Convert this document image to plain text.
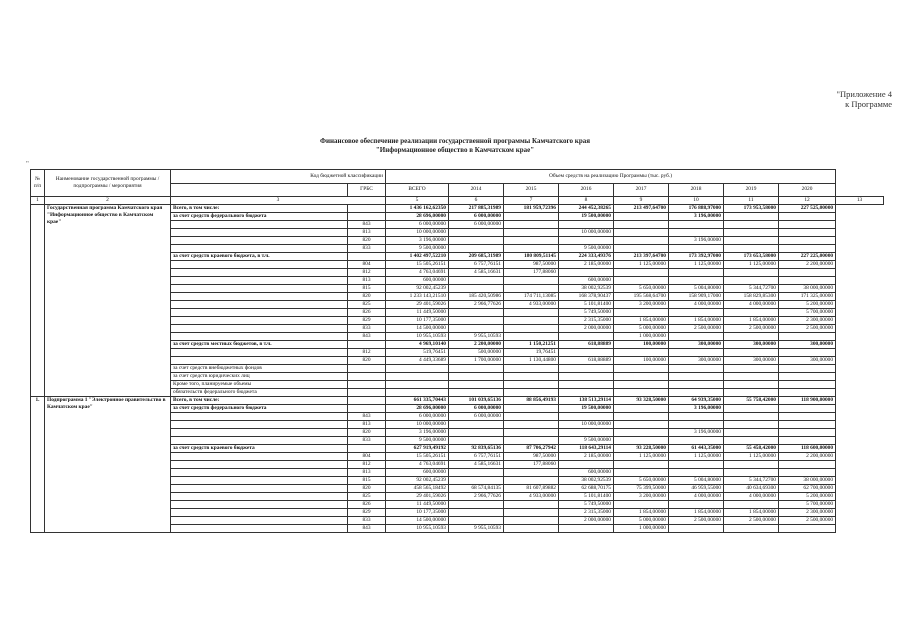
"Приложение 4
к Программе
Финансовое обеспечение реализации государственной программы Камчатского края
"Информационное общество в Камчатском крае"
"
№ п/п	Наименование государственной программы / подпрограммы / мероприятия	Код бюджетной классификации		Объем средств на реализацию Программы (тыс. руб.)								
			ГРБС	ВСЕГО	2014	2015	2016	2017	2018	2019	2020	
1	2	3		5	6	7	8	9	10	11	12	13
	Государственная программа Камчатского края "Информационное общество в Камчатском крае"	Всего, в том числе:		1 436 162,62350	217 885,31989	181 959,72396	244 452,38265	213 497,64700	176 888,97000	173 953,58000	227 525,00000	
		за счет средств федерального бюджета		28 696,00000	6 000,00000		19 500,00000		3 196,00000			
			843	6 000,00000	6 000,00000							
			813	10 000,00000			10 000,00000					
			820	3 196,00000					3 196,00000			
			833	9 500,00000			9 500,00000					
		за счет средств краевого бюджета, в т.ч.		1 402 497,52210	209 685,31989	180 809,51145	224 333,49376	213 397,64700	173 392,97000	173 653,58000	227 225,00000	
			804	15 505,26151	6 757,76151	987,50000	2 185,00000	1 125,00000	1 125,00000	1 125,00000	2 200,00000	
			812	4 763,04691	4 585,16631	177,88060						
			813	600,00000			600,00000					
			815	92 002,45239			38 002,92539	5 650,00000	5 004,80000	5 344,72700	38 000,00000	
			820	1 233 143,21510	185 420,50986	174 711,13085	168 378,90437	195 568,64700	158 909,17000	158 829,85300	171 325,00000	
			825	29 401,59026	2 966,77626	4 933,00000	5 101,81400	3 200,00000	4 000,00000	4 000,00000	5 200,00000	
			826	11 449,50000			5 749,50000				5 700,00000	
			829	10 177,35000			2 315,35000	1 854,00000	1 854,00000	1 854,00000	2 300,00000	
			833	14 500,00000			2 000,00000	5 000,00000	2 500,00000	2 500,00000	2 500,00000	
			843	10 955,10593	9 955,10593			1 000,00000				
		за счет средств местных бюджетов, в т.ч.		4 969,10140	2 200,00000	1 150,21251	618,88889	100,00000	300,00000	300,00000	300,00000	
			812	519,76451	500,00000	19,76451						
			820	4 449,33689	1 700,00000	1 130,44800	618,88889	100,00000	300,00000	300,00000	300,00000	
		за счет средств внебюджетных фондов										
		за счет средств юридических лиц										
		Кроме того, планируемые объемы										
		обязательств федерального бюджета										
1.	Подпрограмма 1 "Электронное правительство в Камчатском крае"	Всего, в том числе:		661 335,70443	101 039,65136	88 856,49193	138 513,29114	93 328,50000	64 939,35000	55 758,42000	118 900,00000	
		за счет средств федерального бюджета		28 696,00000	6 000,00000		19 500,00000		3 196,00000			
			843	6 000,00000	6 000,00000							
			813	10 000,00000			10 000,00000					
			820	3 196,00000					3 196,00000			
			833	9 500,00000			9 500,00000					
		за счет средств краевого бюджета		627 919,49192	92 839,65136	87 706,27942	118 643,29114	93 228,50000	61 443,35000	55 458,42000	118 600,00000	
			804	15 505,26151	6 757,76151	987,50000	2 185,00000	1 125,00000	1 125,00000	1 125,00000	2 200,00000	
			812	4 763,04691	4 585,16631	177,88060						
			813	600,00000			600,00000					
			815	92 002,45239			38 002,92539	5 650,00000	5 004,80000	5 344,72700	38 000,00000	
			820	458 565,18492	68 574,84135	81 607,89882	62 688,70175	75 399,50000	46 959,55000	40 634,69300	62 700,00000	
			825	29 401,59026	2 966,77626	4 933,00000	5 101,81400	3 200,00000	4 000,00000	4 000,00000	5 200,00000	
			826	11 449,50000			5 749,50000				5 700,00000	
			829	10 177,35000			2 315,35000	1 854,00000	1 854,00000	1 854,00000	2 300,00000	
			833	14 500,00000			2 000,00000	5 000,00000	2 500,00000	2 500,00000	2 500,00000	
			843	10 955,10593	9 955,10593			1 000,00000				
